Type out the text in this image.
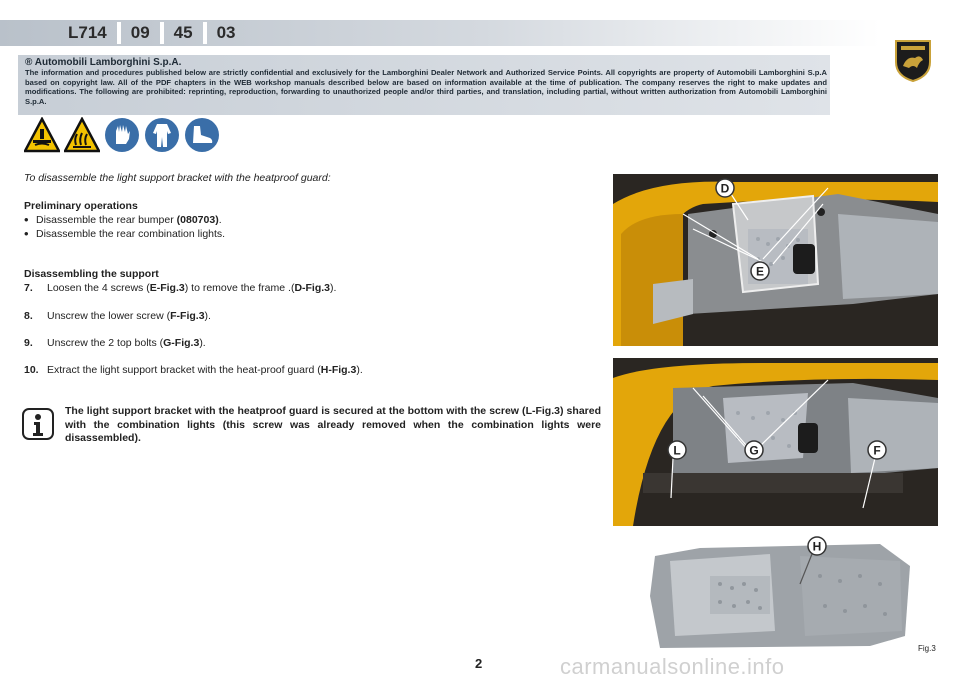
L714	09	45	03
® Automobili Lamborghini S.p.A.
The information and procedures published below are strictly confidential and exclusively for the Lamborghini Dealer Network and Authorized Service Points. All copyrights are property of Automobili Lamborghini S.p.A based on copyright law. All of the PDF chapters in the WEB workshop manuals described below are based on information available at the time of publication. The company reserves the right to make updates and modifications. The following are prohibited: reprinting, reproduction, forwarding to unauthorized people and/or third parties, and translation, including partial, without written authorization from Automobili Lamborghini S.p.A.
To disassemble the light support bracket with the heatproof guard:
Preliminary operations
• Disassemble the rear bumper (080703).
• Disassemble the rear combination lights.
Disassembling the support
7. Loosen the 4 screws (E-Fig.3) to remove the frame .(D-Fig.3).
8. Unscrew the lower screw (F-Fig.3).
9. Unscrew the 2 top bolts (G-Fig.3).
10. Extract the light support bracket with the heat-proof guard (H-Fig.3).
The light support bracket with the heatproof guard is secured at the bottom with the screw (L-Fig.3) shared with the combination lights (this screw was already removed when the combination lights were disassembled).
D
E
L	G	F
H
Fig.3
2	carmanualsonline.info
